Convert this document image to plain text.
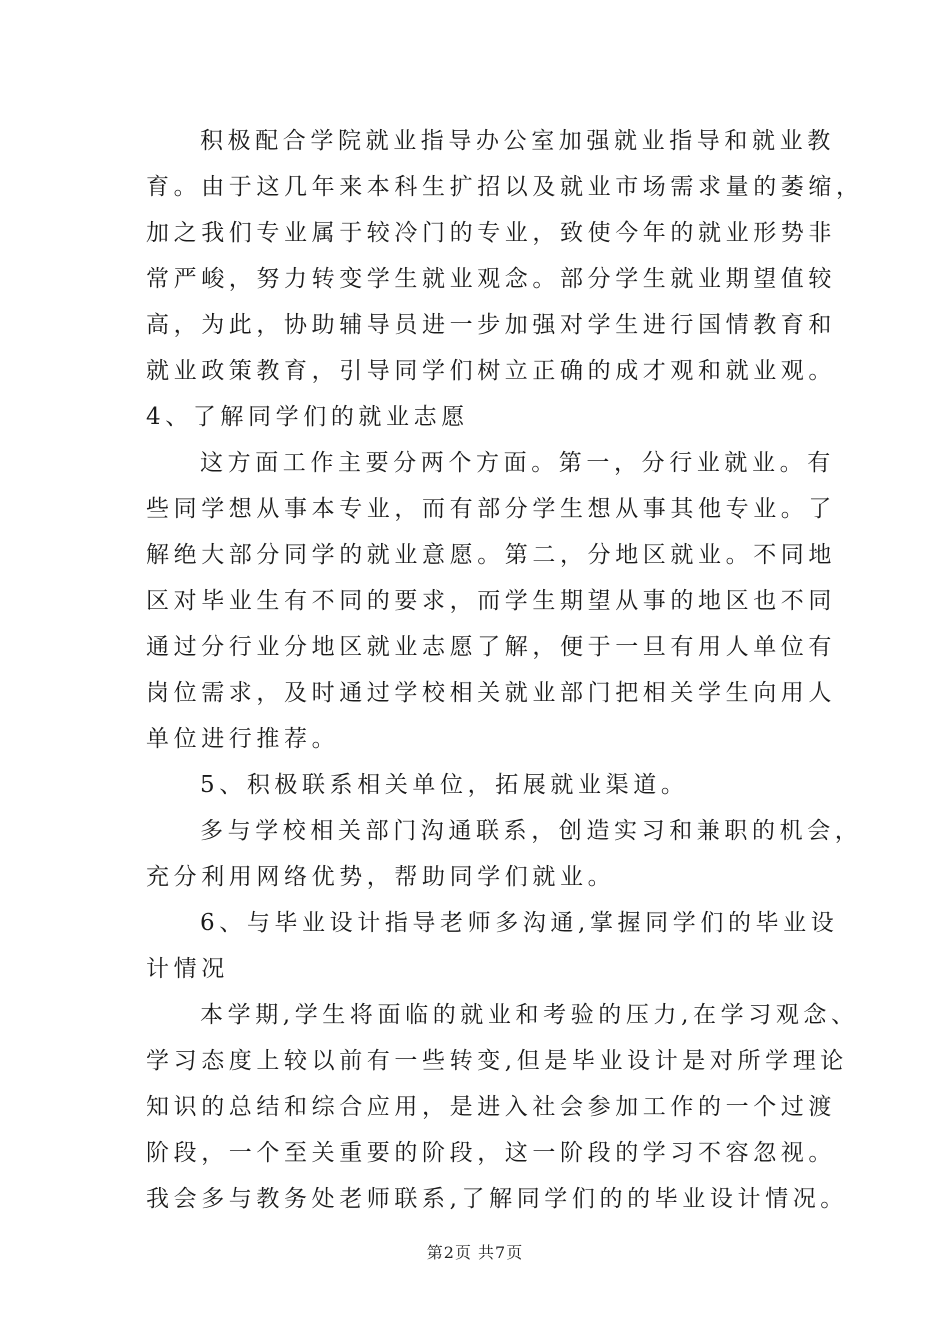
积极配合学院就业指导办公室加强就业指导和就业教
育。由于这几年来本科生扩招以及就业市场需求量的萎缩，
加之我们专业属于较冷门的专业，致使今年的就业形势非
常严峻，努力转变学生就业观念。部分学生就业期望值较
高，为此，协助辅导员进一步加强对学生进行国情教育和
就业政策教育，引导同学们树立正确的成才观和就业观。
4、了解同学们的就业志愿
这方面工作主要分两个方面。第一，分行业就业。有
些同学想从事本专业，而有部分学生想从事其他专业。了
解绝大部分同学的就业意愿。第二，分地区就业。不同地
区对毕业生有不同的要求，而学生期望从事的地区也不同
通过分行业分地区就业志愿了解，便于一旦有用人单位有
岗位需求，及时通过学校相关就业部门把相关学生向用人
单位进行推荐。
5、积极联系相关单位，拓展就业渠道。
多与学校相关部门沟通联系，创造实习和兼职的机会，
充分利用网络优势，帮助同学们就业。
6、与毕业设计指导老师多沟通,掌握同学们的毕业设
计情况
本学期,学生将面临的就业和考验的压力,在学习观念、
学习态度上较以前有一些转变,但是毕业设计是对所学理论
知识的总结和综合应用，是进入社会参加工作的一个过渡
阶段，一个至关重要的阶段，这一阶段的学习不容忽视。
我会多与教务处老师联系,了解同学们的的毕业设计情况。
第2页 共7页
